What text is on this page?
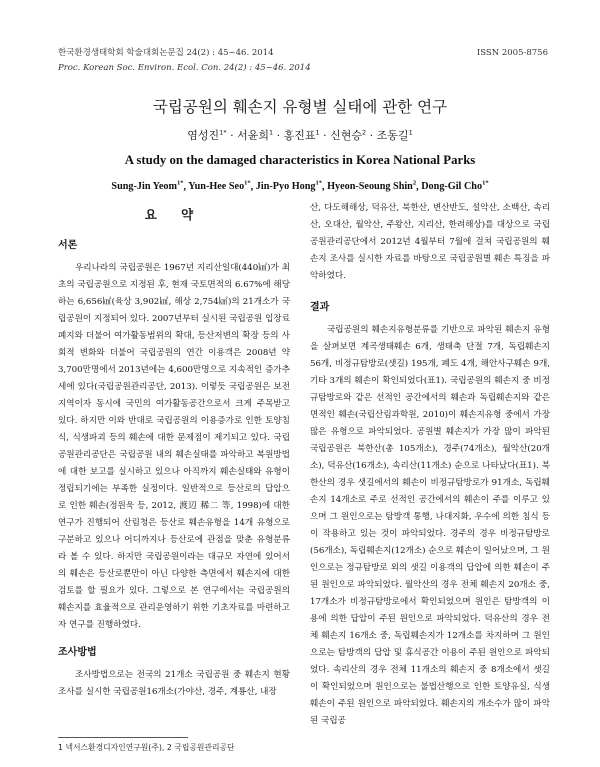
한국환경생태학회 학술대회논문집 24(2) : 45~46. 2014	ISSN 2005-8756
Proc. Korean Soc. Environ. Ecol. Con. 24(2) : 45~46. 2014
국립공원의 훼손지 유형별 실태에 관한 연구
염성진$^{1*}$ · 서윤희$^1$ · 홍진표$^1$ · 신현승$^2$ · 조동길$^1$
A study on the damaged characteristics in Korea National Parks
Sung-Jin Yeom$^{1*}$, Yun-Hee Seo$^{1*}$, Jin-Pyo Hong$^{1*}$, Hyeon-Seoung Shin$^2$, Dong-Gil Cho$^{1*}$
요 약
서론

우리나라의 국립공원은 1967년 지리산일대(440㎢)가 최초의 국립공원으로 지정된 후, 현재 국토면적의 6.67%에 해당하는 6,656㎢(육상 3,902㎢, 해상 2,754㎢)의 21개소가 국립공원이 지정되어 있다. 2007년부터 실시된 국립공원 입장료폐지와 더불어 여가활동범위의 확대, 등산저변의 확장 등의 사회적 변화와 더불어 국립공원의 연간 이용객은 2008년 약 3,700만명에서 2013년에는 4,600만명으로 지속적인 증가추세에 있다(국립공원관리공단, 2013). 이렇듯 국립공원은 보전지역이자 동시에 국민의 여가활동공간으로서 크게 주목받고 있다. 하지만 이와 반대로 국립공원의 이용증가로 인한 토양침식, 식생파괴 등의 훼손에 대한 문제점이 제기되고 있다. 국립공원관리공단은 국립공원 내의 훼손실태를 파악하고 복원방법에 대한 보고를 실시하고 있으나 아직까지 훼손실태와 유형이 정립되기에는 부족한 실정이다. 일반적으로 등산로의 답압으로 인한 훼손(정원욱 등, 2012, 渡辺 稀二 等, 1998)에 대한 연구가 진행되어 산림청은 등산로 훼손유형을 14개 유형으로 구분하고 있으나 어디까지나 등산로에 관점을 맞춘 유형분류라 볼 수 있다. 하지만 국립공원이라는 대규모 자연에 있어서의 훼손은 등산로뿐만이 아닌 다양한 측면에서 훼손지에 대한 검토를 할 필요가 있다. 그렇으로 본 연구에서는 국립공원의 훼손지를 효율적으로 관리운영하기 위한 기초자료를 마련하고자 연구를 진행하였다.

조사방법

조사방법으로는 전국의 21개소 국립공원 중 훼손지 현황조사를 실시한 국립공원16개소(가야산, 경주, 계룡산, 내장

산, 다도해해상, 덕유산, 북한산, 변산반도, 설악산, 소백산, 속리산, 오대산, 월악산, 주왕산, 지리산, 한려해상)를 대상으로 국립공원관리공단에서 2012년 4월부터 7월에 걸쳐 국립공원의 훼손지 조사를 실시한 자료를 바탕으로 국립공원별 훼손 특징을 파악하였다.

결과

국립공원의 훼손지유형분류를 기반으로 파악된 훼손지 유형을 살펴보면 계곡생태훼손 6개, 생태축 단절 7개, 독립훼손지 56개, 비정규탐방로(샛길) 195개, 폐도 4개, 해안사구훼손 9개, 기타 3개의 훼손이 확인되었다(표1). 국립공원의 훼손지 중 비정규탐방로와 같은 선적인 공간에서의 훼손과 독립훼손지와 같은 면적인 훼손(국립산림과학원, 2010)이 훼손지유형 중에서 가장 많은 유형으로 파악되었다. 공원별 훼손지가 가장 많이 파악된 국립공원은 북한산(총 105개소), 경주(74개소), 월악산(20개소), 덕유산(16개소), 속리산(11개소) 순으로 나타났다(표1). 북한산의 경우 샛길에서의 훼손이 비정규탐방로가 91개소, 독립훼손지 14개소로 주로 선적인 공간에서의 훼손이 주를 이루고 있으며 그 원인으로는 탐방객 통행, 나대지화, 우수에 의한 침식 등이 작용하고 있는 것이 파악되었다. 경주의 경우 비정규탐방로(56개소), 독립훼손지(12개소) 순으로 훼손이 일어났으며, 그 원인으로는 정규탐방로 외의 샛길 이용객의 답압에 의한 훼손이 주된 원인으로 파악되었다. 월악산의 경우 전체 훼손지 20개소 중, 17개소가 비정규탐방로에서 확인되었으며 원인은 탐방객의 이용에 의한 답압이 주된 원인으로 파악되었다. 덕유산의 경우 전체 훼손지 16개소 중, 독립훼손지가 12개소를 차지하며 그 원인으로는 탐방객의 답압 및 휴식공간 이용이 주된 원인으로 파악되었다. 속리산의 경우 전체 11개소의 훼손지 중 8개소에서 샛길이 확인되었으며 원인으로는 불법산행으로 인한 토양유실, 식생훼손이 주된 원인으로 파악되었다. 훼손지의 개소수가 많이 파악된 국립공

1 넥서스환경디자인연구원(주), 2 국립공원관리공단
